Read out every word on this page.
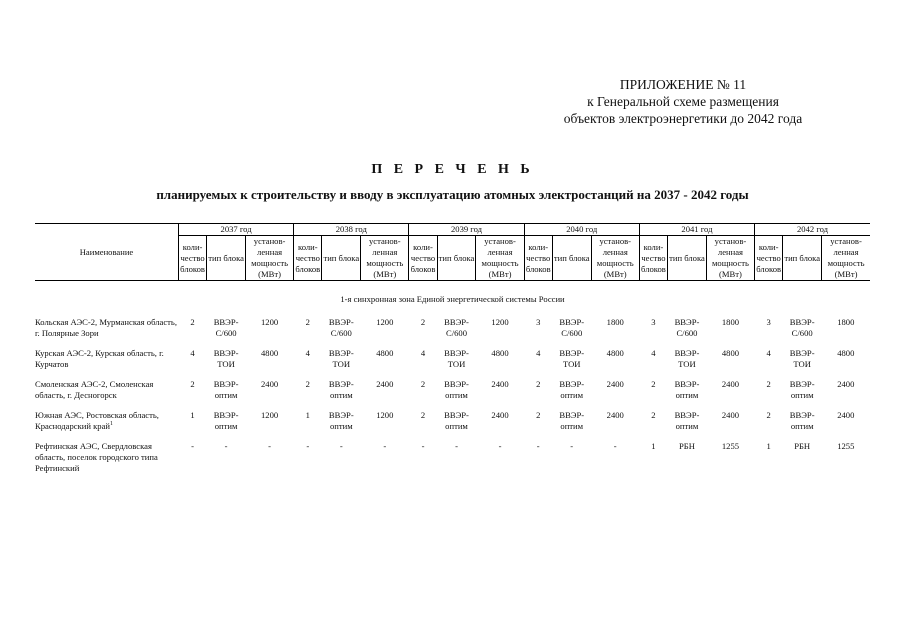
ПРИЛОЖЕНИЕ № 11
к Генеральной схеме размещения
объектов электроэнергетики до 2042 года
П Е Р Е Ч Е Н Ь
планируемых к строительству и вводу в эксплуатацию атомных электростанций на 2037 - 2042 годы
Наименование	2037 год			2038 год			2039 год			2040 год			2041 год			2042 год		
	коли-чество блоков	тип блока	установ-ленная мощность (МВт)	коли-чество блоков	тип блока	установ-ленная мощность (МВт)	коли-чество блоков	тип блока	установ-ленная мощность (МВт)	коли-чество блоков	тип блока	установ-ленная мощность (МВт)	коли-чество блоков	тип блока	установ-ленная мощность (МВт)	коли-чество блоков	тип блока	установ-ленная мощность (МВт)
1-я синхронная зона Единой энергетической системы России																		
Кольская АЭС-2, Мурманская область, г. Полярные Зори	2	ВВЭР-С/600	1200	2	ВВЭР-С/600	1200	2	ВВЭР-С/600	1200	3	ВВЭР-С/600	1800	3	ВВЭР-С/600	1800	3	ВВЭР-С/600	1800
Курская АЭС-2, Курская область, г. Курчатов	4	ВВЭР-ТОИ	4800	4	ВВЭР-ТОИ	4800	4	ВВЭР-ТОИ	4800	4	ВВЭР-ТОИ	4800	4	ВВЭР-ТОИ	4800	4	ВВЭР-ТОИ	4800
Смоленская АЭС-2, Смоленская область, г. Десногорск	2	ВВЭР-оптим	2400	2	ВВЭР-оптим	2400	2	ВВЭР-оптим	2400	2	ВВЭР-оптим	2400	2	ВВЭР-оптим	2400	2	ВВЭР-оптим	2400
Южная АЭС, Ростовская область, Краснодарский край$^1$	1	ВВЭР-оптим	1200	1	ВВЭР-оптим	1200	2	ВВЭР-оптим	2400	2	ВВЭР-оптим	2400	2	ВВЭР-оптим	2400	2	ВВЭР-оптим	2400
Рефтинская АЭС, Свердловская область, поселок городского типа Рефтинский	-	-	-	-	-	-	-	-	-	-	-	-	1	РБН	1255	1	РБН	1255
